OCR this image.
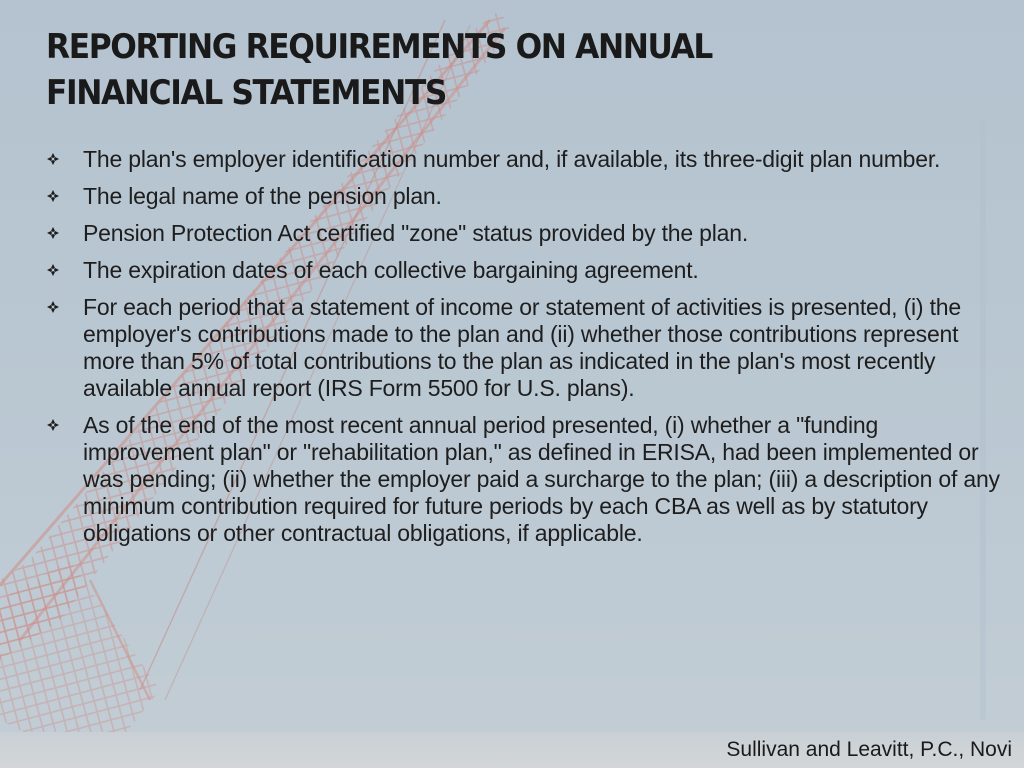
REPORTING REQUIREMENTS ON ANNUAL FINANCIAL STATEMENTS
The plan's employer identification number and, if available, its three-digit plan number.
The legal name of the pension plan.
Pension Protection Act certified "zone" status provided by the plan.
The expiration dates of each collective bargaining agreement.
For each period that a statement of income or statement of activities is presented, (i) the employer's contributions made to the plan and (ii) whether those contributions represent more than 5% of total contributions to the plan as indicated in the plan's most recently available annual report (IRS Form 5500 for U.S. plans).
As of the end of the most recent annual period presented, (i) whether a "funding improvement plan" or "rehabilitation plan," as defined in ERISA, had been implemented or was pending; (ii) whether the employer paid a surcharge to the plan; (iii) a description of any minimum contribution required for future periods by each CBA as well as by statutory obligations or other contractual obligations, if applicable.
Sullivan and Leavitt, P.C., Novi
